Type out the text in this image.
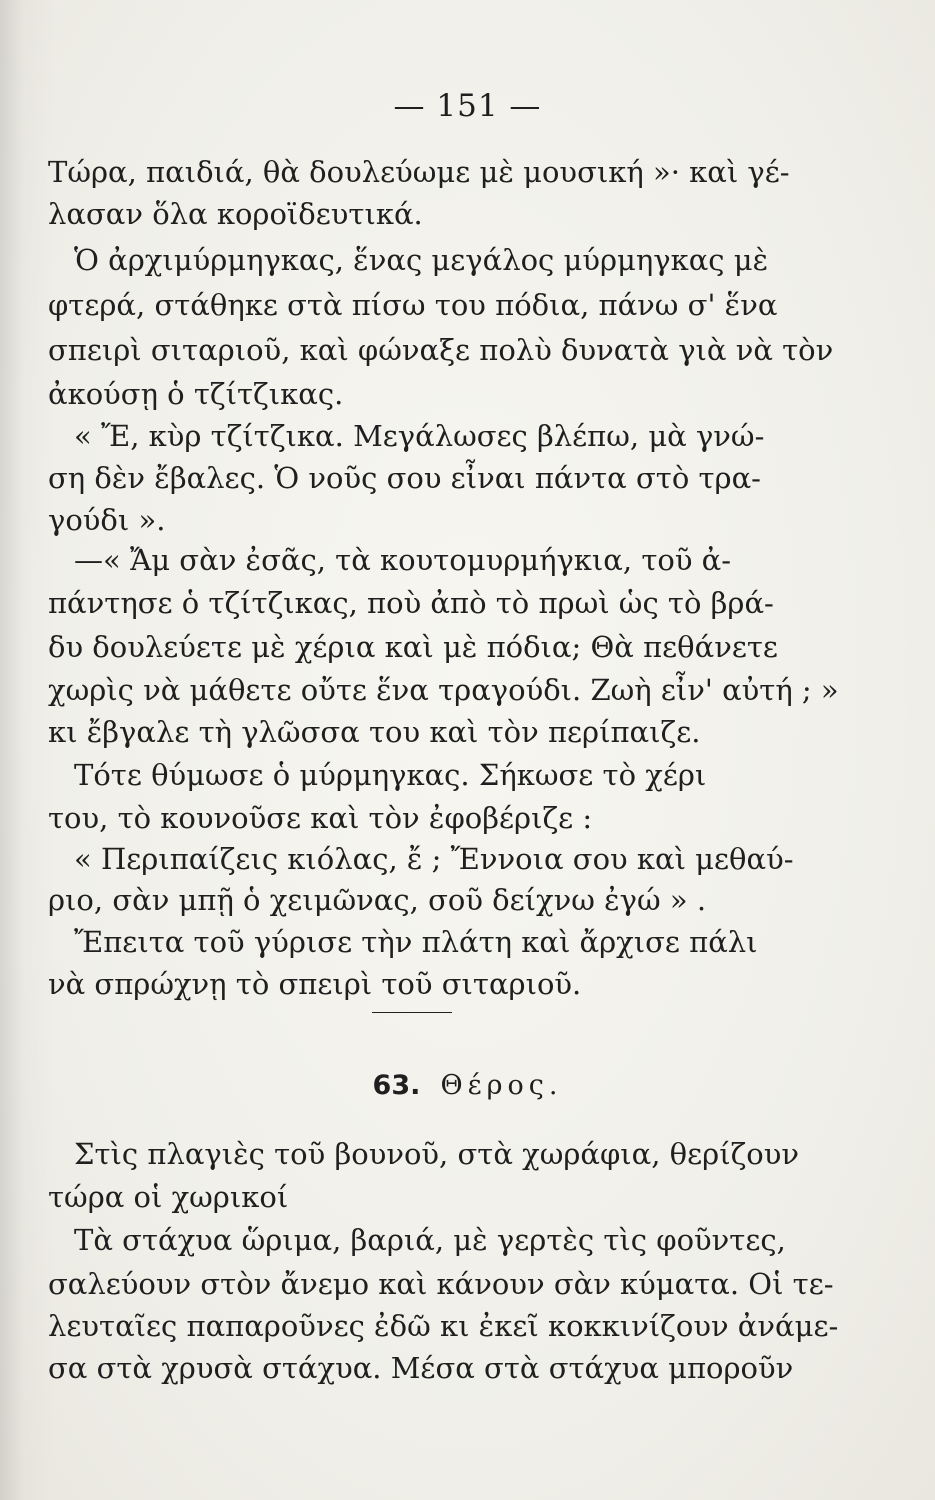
— 151 —
Τώρα, παιδιά, θὰ δουλεύωμε μὲ μουσική »· καὶ γέ-
λασαν ὅλα κοροϊδευτικά.
Ὁ ἀρχιμύρμηγκας, ἕνας μεγάλος μύρμηγκας μὲ
φτερά, στάθηκε στὰ πίσω του πόδια, πάνω σ' ἕνα
σπειρὶ σιταριοῦ, καὶ φώναξε πολὺ δυνατὰ γιὰ νὰ τὸν
ἀκούσῃ ὁ τζίτζικας.
« Ἔ, κὺρ τζίτζικα. Μεγάλωσες βλέπω, μὰ γνώ-
ση δὲν ἔβαλες. Ὁ νοῦς σου εἶναι πάντα στὸ τρα-
γούδι ».
—« Ἄμ σὰν ἐσᾶς, τὰ κουτομυρμήγκια, τοῦ ἀ-
πάντησε ὁ τζίτζικας, ποὺ ἀπὸ τὸ πρωὶ ὡς τὸ βρά-
δυ δουλεύετε μὲ χέρια καὶ μὲ πόδια; Θὰ πεθάνετε
χωρὶς νὰ μάθετε οὔτε ἕνα τραγούδι. Ζωὴ εἶν' αὐτή ; »
κι ἔβγαλε τὴ γλῶσσα του καὶ τὸν περίπαιζε.
Τότε θύμωσε ὁ μύρμηγκας. Σήκωσε τὸ χέρι
του, τὸ κουνοῦσε καὶ τὸν ἐφοβέριζε :
« Περιπαίζεις κιόλας, ἔ ; Ἔννοια σου καὶ μεθαύ-
ριο, σὰν μπῇ ὁ χειμῶνας, σοῦ δείχνω ἐγώ » .
Ἔπειτα τοῦ γύρισε τὴν πλάτη καὶ ἄρχισε πάλι
νὰ σπρώχνῃ τὸ σπειρὶ τοῦ σιταριοῦ.
63. Θέρος.
Στὶς πλαγιὲς τοῦ βουνοῦ, στὰ χωράφια, θερίζουν
τώρα οἱ χωρικοί
Τὰ στάχυα ὥριμα, βαριά, μὲ γερτὲς τὶς φοῦντες,
σαλεύουν στὸν ἄνεμο καὶ κάνουν σὰν κύματα. Οἱ τε-
λευταῖες παπαροῦνες ἐδῶ κι ἐκεῖ κοκκινίζουν ἀνάμε-
σα στὰ χρυσὰ στάχυα. Μέσα στὰ στάχυα μποροῦν
